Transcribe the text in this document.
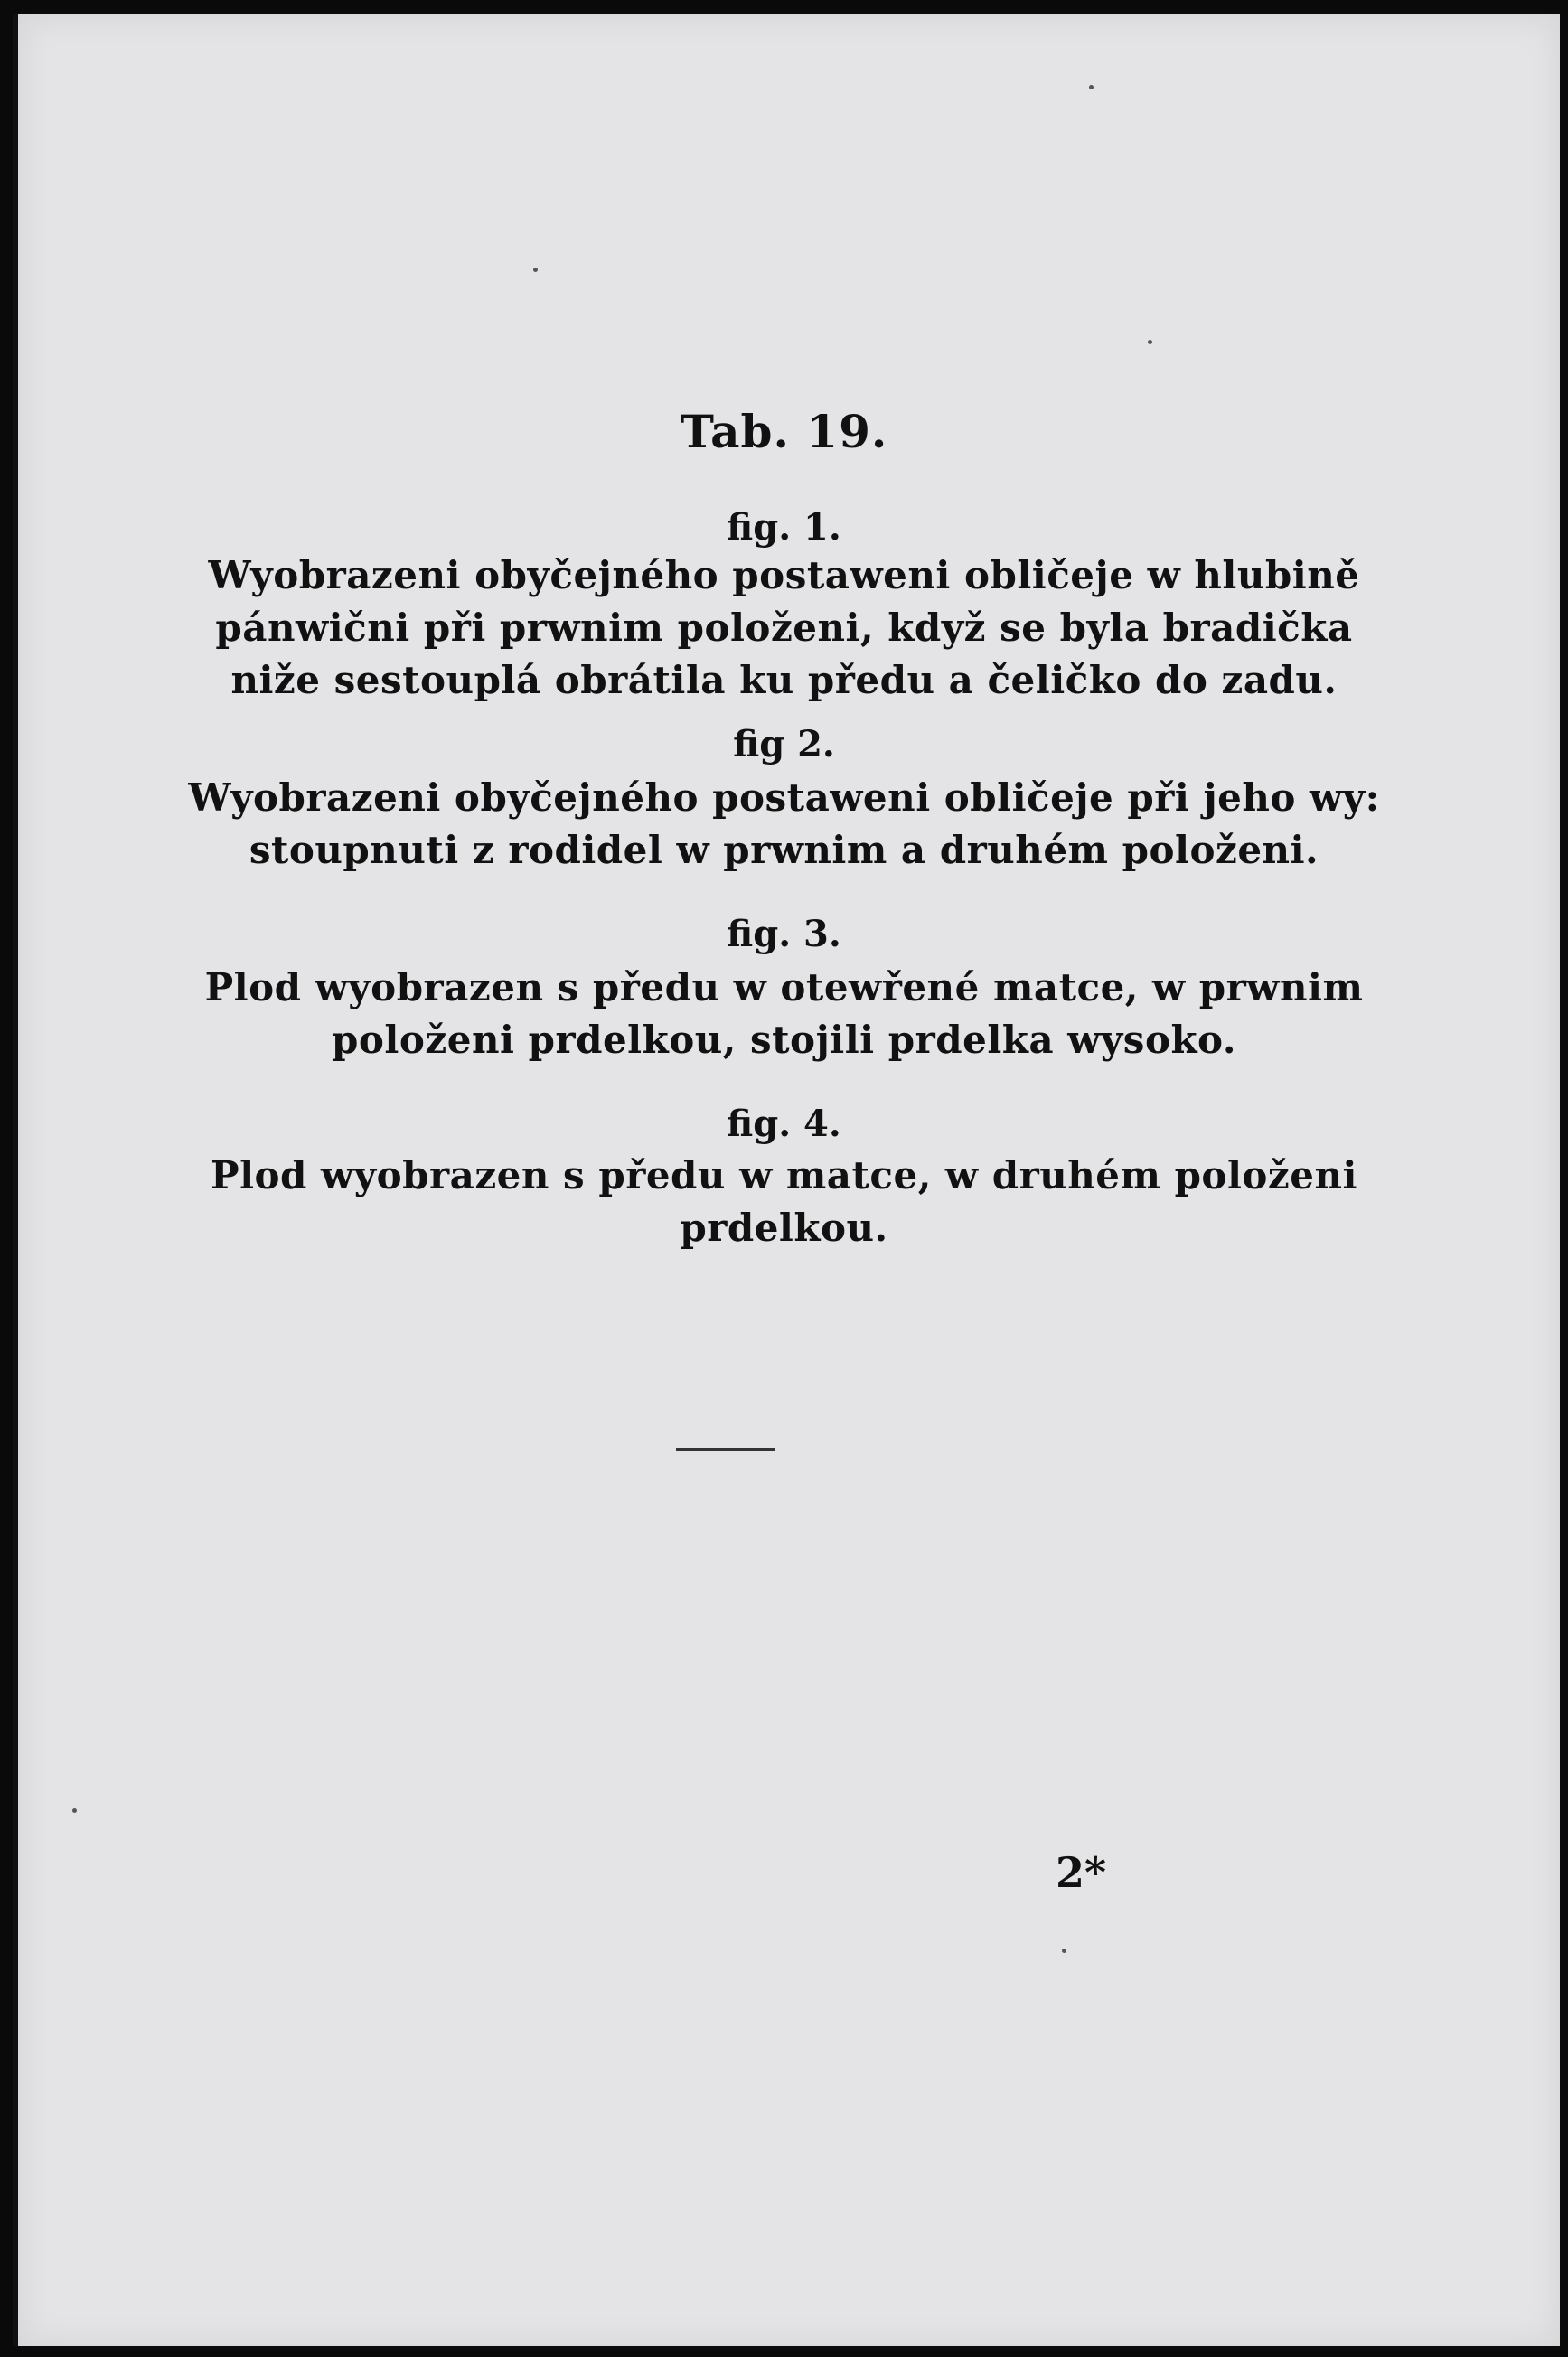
Tab. 19.
fig. 1.
Wyobrazeni obyčejného postaweni obličeje w hlubině
pánwični při prwnim položeni, když se byla bradička
niže sestouplá obrátila ku předu a čeličko do zadu.
fig 2.
Wyobrazeni obyčejného postaweni obličeje při jeho wy:
stoupnuti z rodidel w prwnim a druhém položeni.
fig. 3.
Plod wyobrazen s předu w otewřené matce, w prwnim
položeni prdelkou, stojili prdelka wysoko.
fig. 4.
Plod wyobrazen s předu w matce, w druhém položeni
prdelkou.
2*
